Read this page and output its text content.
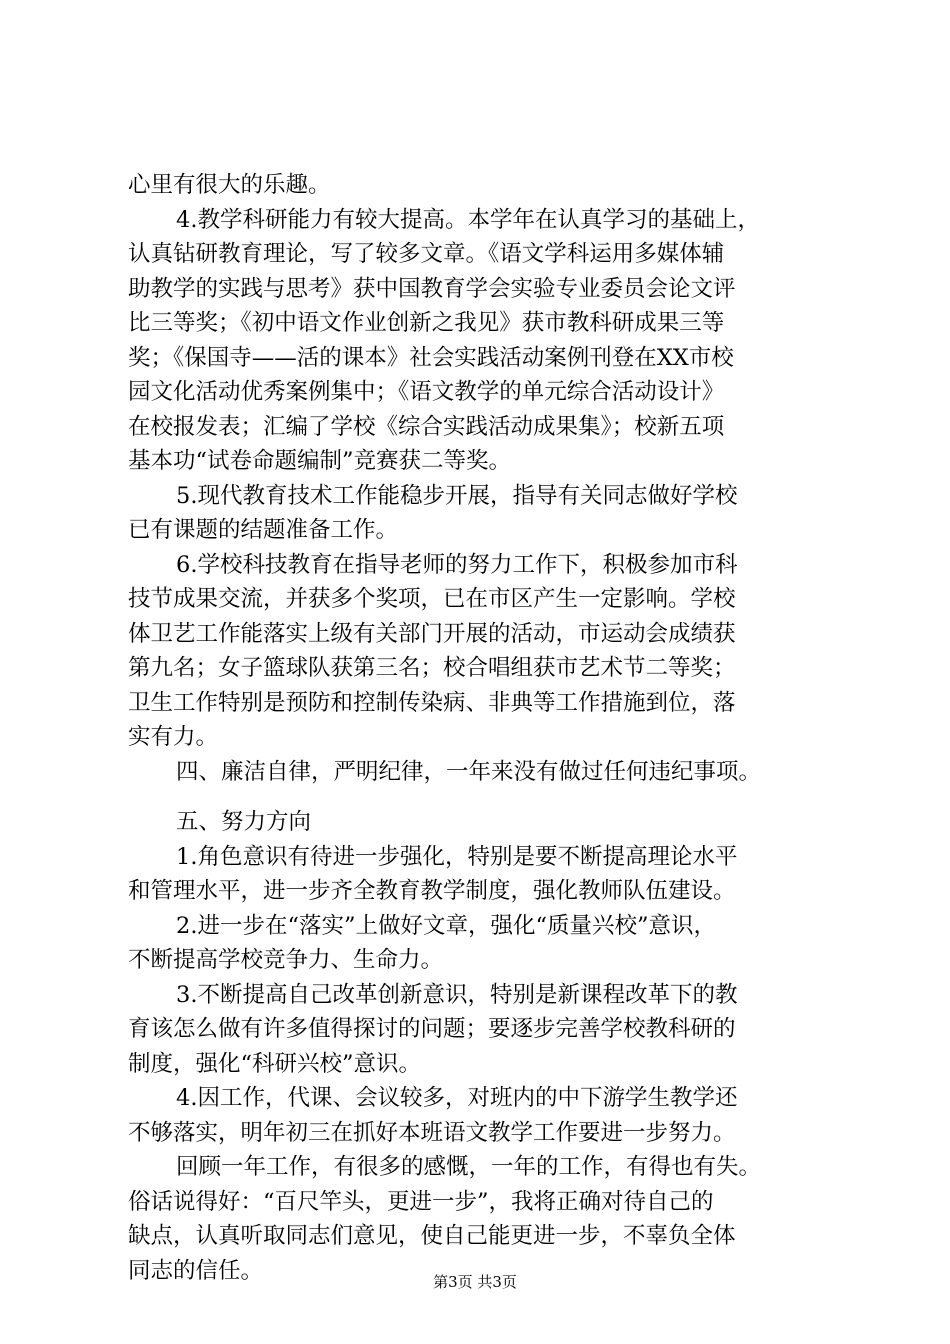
心里有很大的乐趣。
4.教学科研能力有较大提高。本学年在认真学习的基础上，
认真钻研教育理论，写了较多文章。《语文学科运用多媒体辅
助教学的实践与思考》获中国教育学会实验专业委员会论文评
比三等奖；《初中语文作业创新之我见》获市教科研成果三等
奖；《保国寺——活的课本》社会实践活动案例刊登在XX市校
园文化活动优秀案例集中；《语文教学的单元综合活动设计》
在校报发表；汇编了学校《综合实践活动成果集》；校新五项
基本功“试卷命题编制”竞赛获二等奖。
5.现代教育技术工作能稳步开展，指导有关同志做好学校
已有课题的结题准备工作。
6.学校科技教育在指导老师的努力工作下，积极参加市科
技节成果交流，并获多个奖项，已在市区产生一定影响。学校
体卫艺工作能落实上级有关部门开展的活动，市运动会成绩获
第九名；女子篮球队获第三名；校合唱组获市艺术节二等奖；
卫生工作特别是预防和控制传染病、非典等工作措施到位，落
实有力。
四、廉洁自律，严明纪律，一年来没有做过任何违纪事项。
五、努力方向
1.角色意识有待进一步强化，特别是要不断提高理论水平
和管理水平，进一步齐全教育教学制度，强化教师队伍建设。
2.进一步在“落实”上做好文章，强化“质量兴校”意识，
不断提高学校竞争力、生命力。
3.不断提高自己改革创新意识，特别是新课程改革下的教
育该怎么做有许多值得探讨的问题；要逐步完善学校教科研的
制度，强化“科研兴校”意识。
4.因工作，代课、会议较多，对班内的中下游学生教学还
不够落实，明年初三在抓好本班语文教学工作要进一步努力。
回顾一年工作，有很多的感慨，一年的工作，有得也有失。
俗话说得好：“百尺竿头，更进一步”，我将正确对待自己的
缺点，认真听取同志们意见，使自己能更进一步，不辜负全体
同志的信任。	第3页 共3页
